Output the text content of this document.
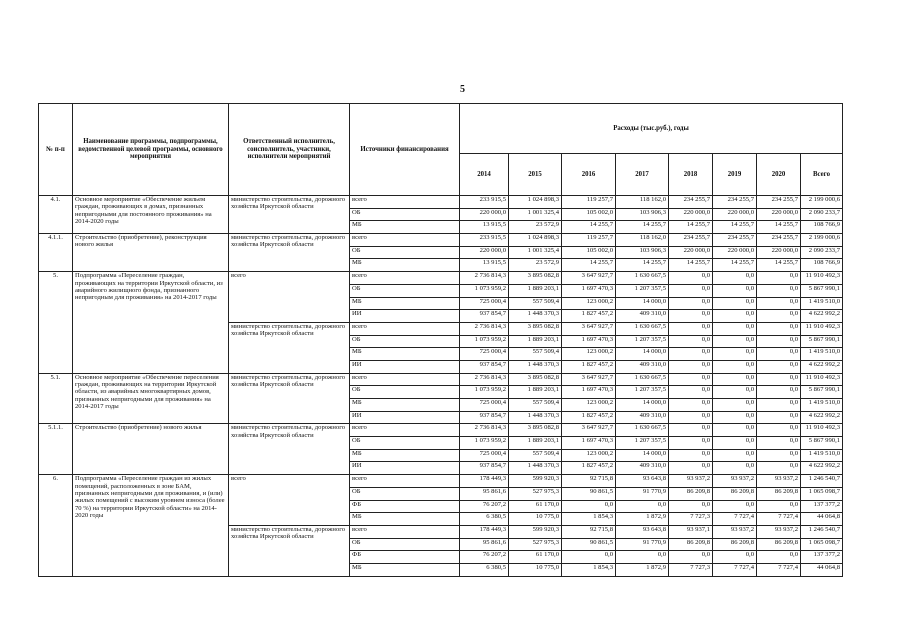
5
№ п-п	Наименование программы, подпрограммы, ведомственной целевой программы, основного мероприятия	Ответственный исполнитель, соисполнитель, участники, исполнители мероприятий	Источники финансирования	Расходы (тыс.руб.), годы							
				2014	2015	2016	2017	2018	2019	2020	Всего
4.1.	Основное мероприятие «Обеспечение жильем граждан, проживающих в домах, признанных непригодными для постоянного проживания» на 2014-2020 годы	министерство строительства, дорожного хозяйства Иркутской области	всего	233 915,5	1 024 898,3	119 257,7	118 162,0	234 255,7	234 255,7	234 255,7	2 199 000,6
			ОБ	220 000,0	1 001 325,4	105 002,0	103 906,3	220 000,0	220 000,0	220 000,0	2 090 233,7
			МБ	13 915,5	23 572,9	14 255,7	14 255,7	14 255,7	14 255,7	14 255,7	108 766,9
4.1.1.	Строительство (приобретение), реконструкция нового жилья	министерство строительства, дорожного хозяйства Иркутской области	всего	233 915,5	1 024 898,3	119 257,7	118 162,0	234 255,7	234 255,7	234 255,7	2 199 000,6
			ОБ	220 000,0	1 001 325,4	105 002,0	103 906,3	220 000,0	220 000,0	220 000,0	2 090 233,7
			МБ	13 915,5	23 572,9	14 255,7	14 255,7	14 255,7	14 255,7	14 255,7	108 766,9
5.	Подпрограмма «Переселение граждан, проживающих на территории Иркутской области, из аварийного жилищного фонда, признанного непригодным для проживания» на 2014-2017 годы	всего	всего	2 736 814,3	3 895 082,8	3 647 927,7	1 630 667,5	0,0	0,0	0,0	11 910 492,3
			ОБ	1 073 959,2	1 889 203,1	1 697 470,3	1 207 357,5	0,0	0,0	0,0	5 867 990,1
			МБ	725 000,4	557 509,4	123 000,2	14 000,0	0,0	0,0	0,0	1 419 510,0
			ИИ	937 854,7	1 448 370,3	1 827 457,2	409 310,0	0,0	0,0	0,0	4 622 992,2
		министерство строительства, дорожного хозяйства Иркутской области	всего	2 736 814,3	3 895 082,8	3 647 927,7	1 630 667,5	0,0	0,0	0,0	11 910 492,3
			ОБ	1 073 959,2	1 889 203,1	1 697 470,3	1 207 357,5	0,0	0,0	0,0	5 867 990,1
			МБ	725 000,4	557 509,4	123 000,2	14 000,0	0,0	0,0	0,0	1 419 510,0
			ИИ	937 854,7	1 448 370,3	1 827 457,2	409 310,0	0,0	0,0	0,0	4 622 992,2
5.1.	Основное мероприятие «Обеспечение переселения граждан, проживающих на территории Иркутской области, из аварийных многоквартирных домов, признанных непригодными для проживания» на 2014-2017 годы	министерство строительства, дорожного хозяйства Иркутской области	всего	2 736 814,3	3 895 082,8	3 647 927,7	1 630 667,5	0,0	0,0	0,0	11 910 492,3
			ОБ	1 073 959,2	1 889 203,1	1 697 470,3	1 207 357,5	0,0	0,0	0,0	5 867 990,1
			МБ	725 000,4	557 509,4	123 000,2	14 000,0	0,0	0,0	0,0	1 419 510,0
			ИИ	937 854,7	1 448 370,3	1 827 457,2	409 310,0	0,0	0,0	0,0	4 622 992,2
5.1.1.	Строительство (приобретение) нового жилья	министерство строительства, дорожного хозяйства Иркутской области	всего	2 736 814,3	3 895 082,8	3 647 927,7	1 630 667,5	0,0	0,0	0,0	11 910 492,3
			ОБ	1 073 959,2	1 889 203,1	1 697 470,3	1 207 357,5	0,0	0,0	0,0	5 867 990,1
			МБ	725 000,4	557 509,4	123 000,2	14 000,0	0,0	0,0	0,0	1 419 510,0
			ИИ	937 854,7	1 448 370,3	1 827 457,2	409 310,0	0,0	0,0	0,0	4 622 992,2
6.	Подпрограмма «Переселение граждан из жилых помещений, расположенных в зоне БАМ, признанных непригодными для проживания, и (или) жилых помещений с высоким уровнем износа (более 70 %) на территории Иркутской области» на 2014-2020 годы	всего	всего	178 449,3	599 920,3	92 715,8	93 643,8	93 937,2	93 937,2	93 937,2	1 246 540,7
			ОБ	95 861,6	527 975,3	90 861,5	91 770,9	86 209,8	86 209,8	86 209,8	1 065 098,7
			ФБ	76 207,2	61 170,0	0,0	0,0	0,0	0,0	0,0	137 377,2
			МБ	6 380,5	10 775,0	1 854,3	1 872,9	7 727,3	7 727,4	7 727,4	44 064,8
		министерство строительства, дорожного хозяйства Иркутской области	всего	178 449,3	599 920,3	92 715,8	93 643,8	93 937,1	93 937,2	93 937,2	1 246 540,7
			ОБ	95 861,6	527 975,3	90 861,5	91 770,9	86 209,8	86 209,8	86 209,8	1 065 098,7
			ФБ	76 207,2	61 170,0	0,0	0,0	0,0	0,0	0,0	137 377,2
			МБ	6 380,5	10 775,0	1 854,3	1 872,9	7 727,3	7 727,4	7 727,4	44 064,8
